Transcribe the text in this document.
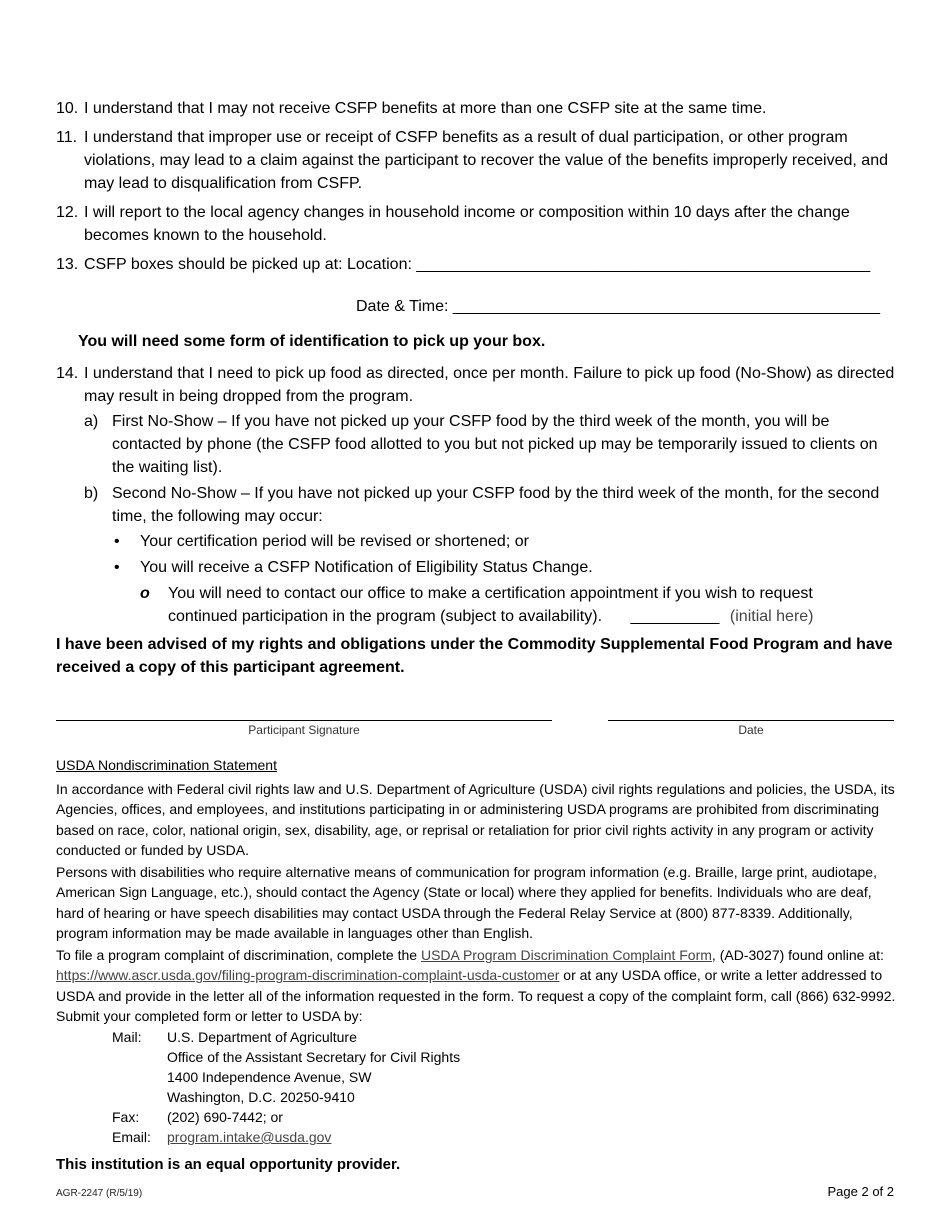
10. I understand that I may not receive CSFP benefits at more than one CSFP site at the same time.
11. I understand that improper use or receipt of CSFP benefits as a result of dual participation, or other program violations, may lead to a claim against the participant to recover the value of the benefits improperly received, and may lead to disqualification from CSFP.
12. I will report to the local agency changes in household income or composition within 10 days after the change becomes known to the household.
13. CSFP boxes should be picked up at: Location: ___________________________________________________
Date & Time: ________________________________________________
You will need some form of identification to pick up your box.
14. I understand that I need to pick up food as directed, once per month. Failure to pick up food (No-Show) as directed may result in being dropped from the program.
a) First No-Show – If you have not picked up your CSFP food by the third week of the month, you will be contacted by phone (the CSFP food allotted to you but not picked up may be temporarily issued to clients on the waiting list).
b) Second No-Show – If you have not picked up your CSFP food by the third week of the month, for the second time, the following may occur:
• Your certification period will be revised or shortened; or
• You will receive a CSFP Notification of Eligibility Status Change.
o You will need to contact our office to make a certification appointment if you wish to request continued participation in the program (subject to availability). __________ (initial here)
I have been advised of my rights and obligations under the Commodity Supplemental Food Program and have received a copy of this participant agreement.
Participant Signature	Date
USDA Nondiscrimination Statement
In accordance with Federal civil rights law and U.S. Department of Agriculture (USDA) civil rights regulations and policies, the USDA, its Agencies, offices, and employees, and institutions participating in or administering USDA programs are prohibited from discriminating based on race, color, national origin, sex, disability, age, or reprisal or retaliation for prior civil rights activity in any program or activity conducted or funded by USDA.
Persons with disabilities who require alternative means of communication for program information (e.g. Braille, large print, audiotape, American Sign Language, etc.), should contact the Agency (State or local) where they applied for benefits. Individuals who are deaf, hard of hearing or have speech disabilities may contact USDA through the Federal Relay Service at (800) 877-8339. Additionally, program information may be made available in languages other than English.
To file a program complaint of discrimination, complete the USDA Program Discrimination Complaint Form, (AD-3027) found online at: https://www.ascr.usda.gov/filing-program-discrimination-complaint-usda-customer or at any USDA office, or write a letter addressed to USDA and provide in the letter all of the information requested in the form. To request a copy of the complaint form, call (866) 632-9992. Submit your completed form or letter to USDA by:
Mail: U.S. Department of Agriculture
Office of the Assistant Secretary for Civil Rights
1400 Independence Avenue, SW
Washington, D.C. 20250-9410
Fax: (202) 690-7442; or
Email: program.intake@usda.gov
This institution is an equal opportunity provider.
AGR-2247 (R/5/19)	Page 2 of 2
